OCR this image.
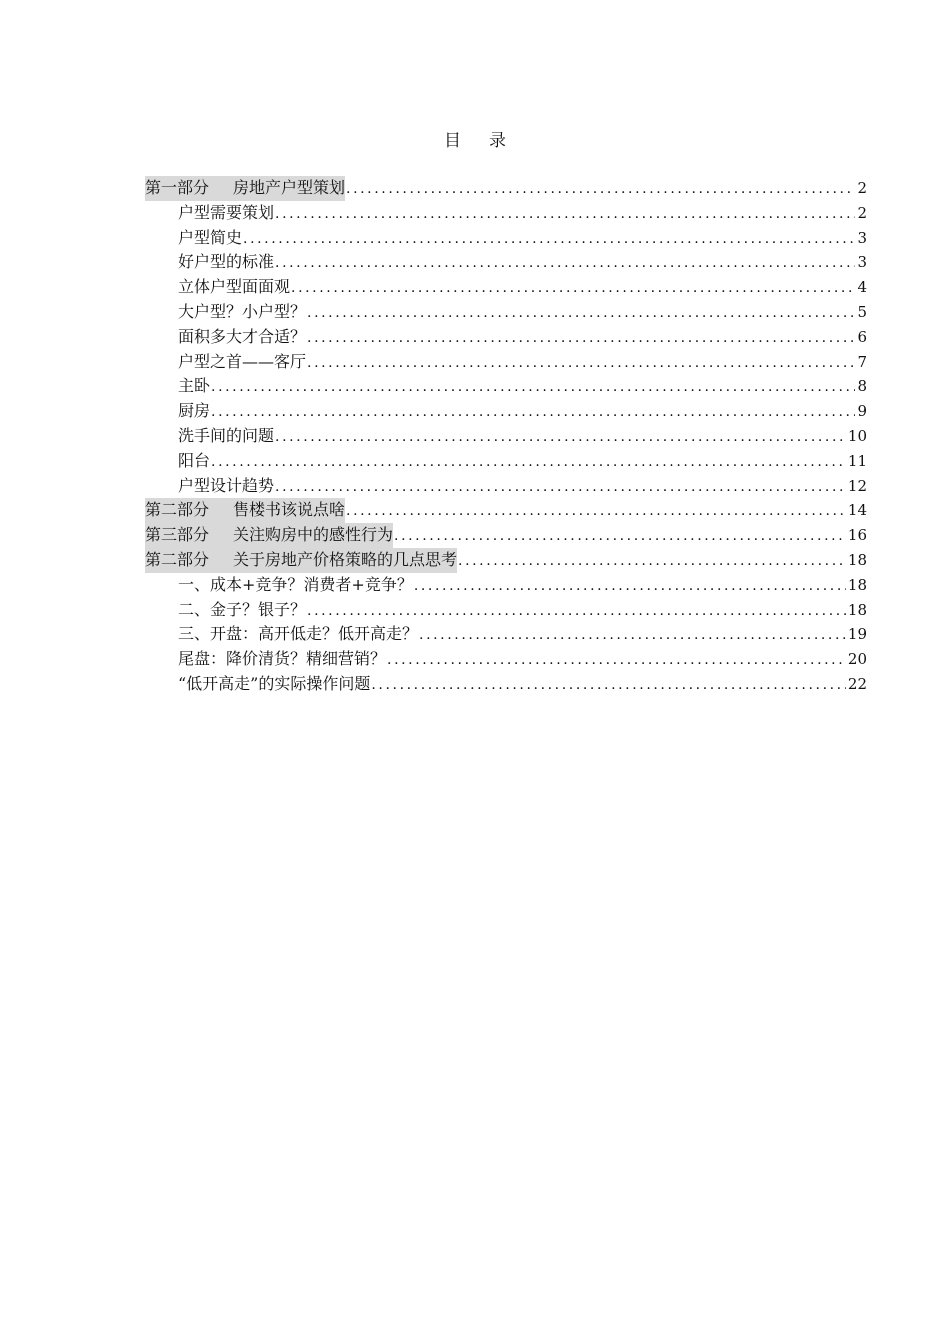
目 录
第一部分 房地产户型策划 .....	2
户型需要策划 .....	2
户型简史 .....	3
好户型的标准 .....	3
立体户型面面观 .....	4
大户型？小户型？ .....	5
面积多大才合适？ .....	6
户型之首——客厅 .....	7
主卧 .....	8
厨房 .....	9
洗手间的问题 .....	10
阳台 .....	11
户型设计趋势 .....	12
第二部分 售楼书该说点啥 .....	14
第三部分 关注购房中的感性行为 .....	16
第二部分 关于房地产价格策略的几点思考 .....	18
一、成本+竞争？消费者+竞争？ .....	18
二、金子？银子？ .....	18
三、开盘：高开低走？低开高走？ .....	19
尾盘：降价清货？精细营销？ .....	20
“低开高走”的实际操作问题 .....	22
